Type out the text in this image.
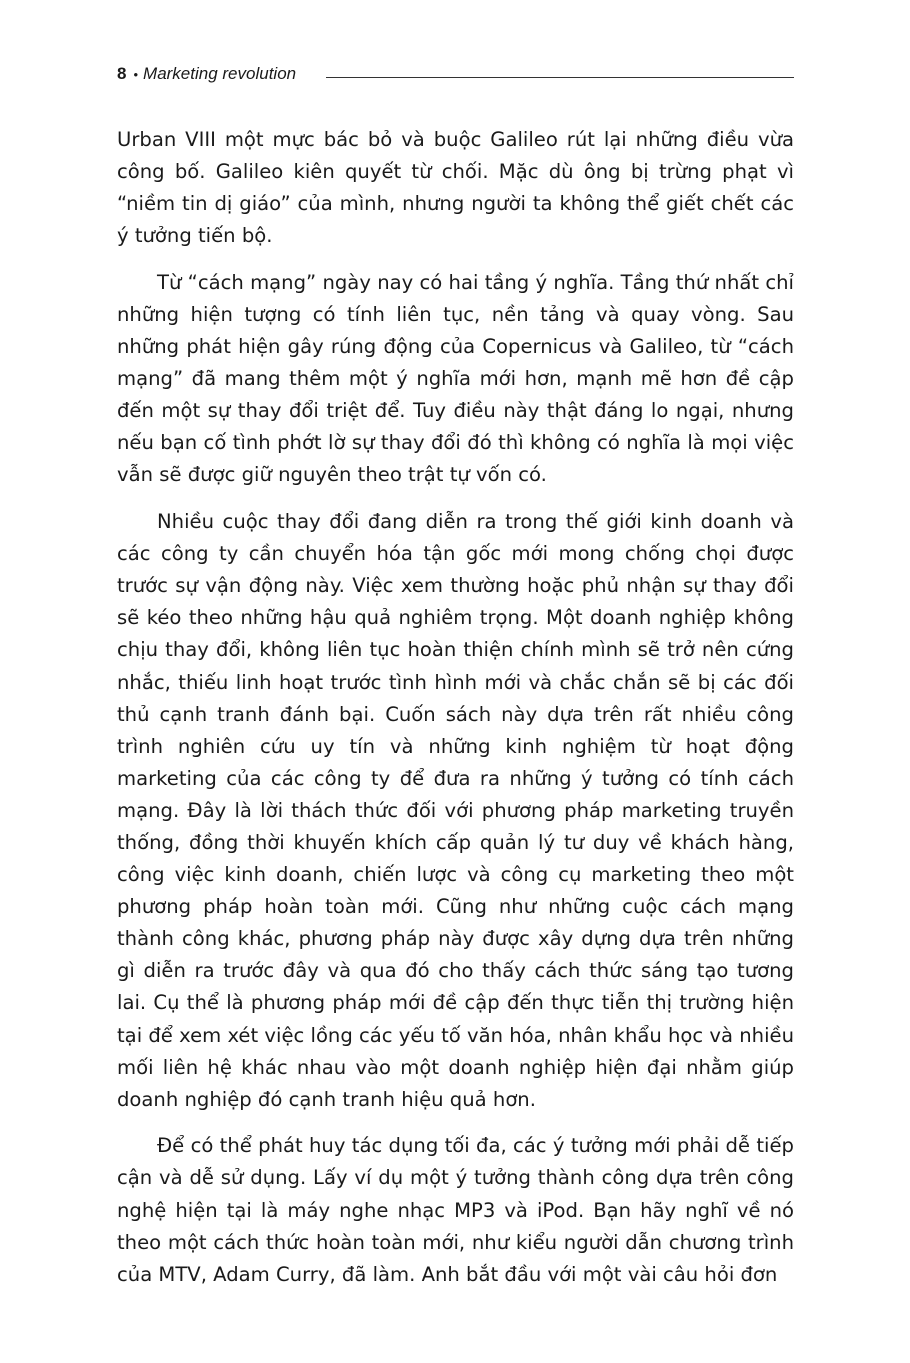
8 • Marketing revolution

Urban VIII một mực bác bỏ và buộc Galileo rút lại những điều vừa công bố. Galileo kiên quyết từ chối. Mặc dù ông bị trừng phạt vì “niềm tin dị giáo” của mình, nhưng người ta không thể giết chết các ý tưởng tiến bộ.

Từ “cách mạng” ngày nay có hai tầng ý nghĩa. Tầng thứ nhất chỉ những hiện tượng có tính liên tục, nền tảng và quay vòng. Sau những phát hiện gây rúng động của Copernicus và Galileo, từ “cách mạng” đã mang thêm một ý nghĩa mới hơn, mạnh mẽ hơn đề cập đến một sự thay đổi triệt để. Tuy điều này thật đáng lo ngại, nhưng nếu bạn cố tình phớt lờ sự thay đổi đó thì không có nghĩa là mọi việc vẫn sẽ được giữ nguyên theo trật tự vốn có.

Nhiều cuộc thay đổi đang diễn ra trong thế giới kinh doanh và các công ty cần chuyển hóa tận gốc mới mong chống chọi được trước sự vận động này. Việc xem thường hoặc phủ nhận sự thay đổi sẽ kéo theo những hậu quả nghiêm trọng. Một doanh nghiệp không chịu thay đổi, không liên tục hoàn thiện chính mình sẽ trở nên cứng nhắc, thiếu linh hoạt trước tình hình mới và chắc chắn sẽ bị các đối thủ cạnh tranh đánh bại. Cuốn sách này dựa trên rất nhiều công trình nghiên cứu uy tín và những kinh nghiệm từ hoạt động marketing của các công ty để đưa ra những ý tưởng có tính cách mạng. Đây là lời thách thức đối với phương pháp marketing truyền thống, đồng thời khuyến khích cấp quản lý tư duy về khách hàng, công việc kinh doanh, chiến lược và công cụ marketing theo một phương pháp hoàn toàn mới. Cũng như những cuộc cách mạng thành công khác, phương pháp này được xây dựng dựa trên những gì diễn ra trước đây và qua đó cho thấy cách thức sáng tạo tương lai. Cụ thể là phương pháp mới đề cập đến thực tiễn thị trường hiện tại để xem xét việc lồng các yếu tố văn hóa, nhân khẩu học và nhiều mối liên hệ khác nhau vào một doanh nghiệp hiện đại nhằm giúp doanh nghiệp đó cạnh tranh hiệu quả hơn.

Để có thể phát huy tác dụng tối đa, các ý tưởng mới phải dễ tiếp cận và dễ sử dụng. Lấy ví dụ một ý tưởng thành công dựa trên công nghệ hiện tại là máy nghe nhạc MP3 và iPod. Bạn hãy nghĩ về nó theo một cách thức hoàn toàn mới, như kiểu người dẫn chương trình của MTV, Adam Curry, đã làm. Anh bắt đầu với một vài câu hỏi đơn
